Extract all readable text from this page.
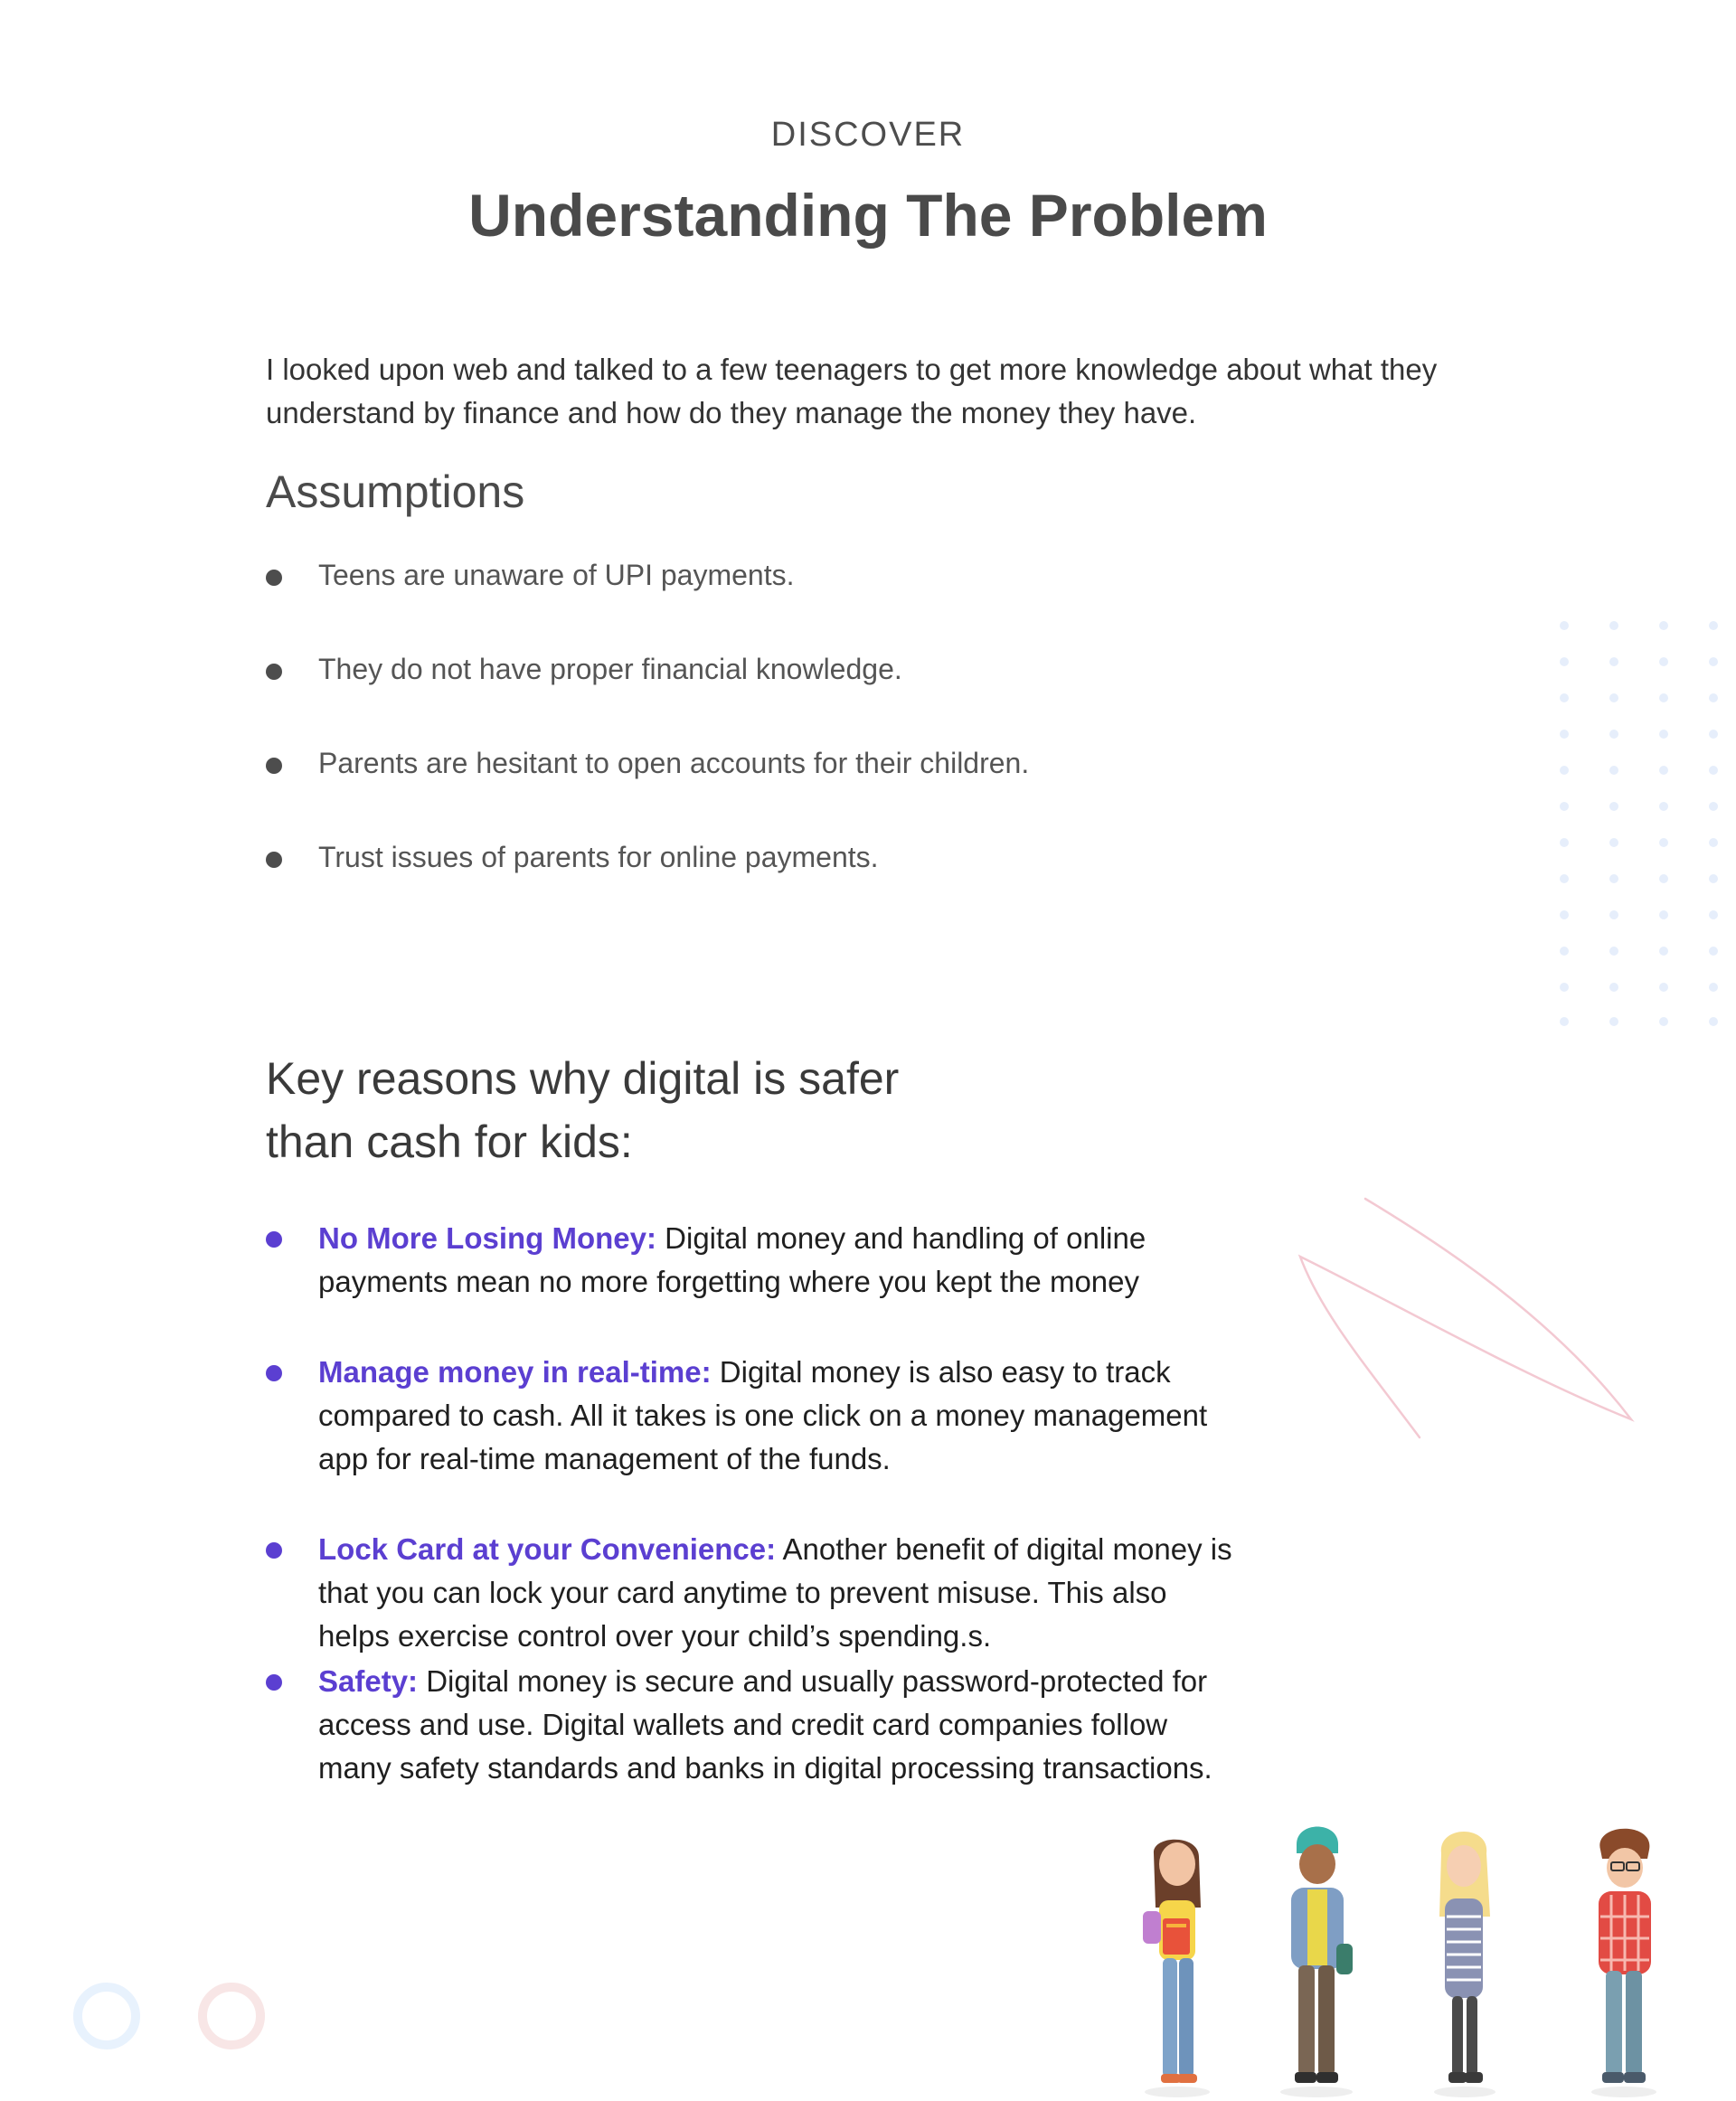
DISCOVER
Understanding The Problem

I looked upon web and talked to a few teenagers to get more knowledge about what they understand by finance and how do they manage the money they have.

Assumptions
Teens are unaware of UPI payments.
They do not have proper financial knowledge.
Parents are hesitant to open accounts for their children.
Trust issues of parents for online payments.
Key reasons why digital is safer
than cash for kids:
No More Losing Money: Digital money and handling of online payments mean no more forgetting where you kept the money
Manage money in real-time: Digital money is also easy to track compared to cash. All it takes is one click on a money management app for real-time management of the funds.
Lock Card at your Convenience: Another benefit of digital money is that you can lock your card anytime to prevent misuse. This also helps exercise control over your child’s spending.s.
Safety: Digital money is secure and usually password-protected for access and use. Digital wallets and credit card companies follow many safety standards and banks in digital processing transactions.
